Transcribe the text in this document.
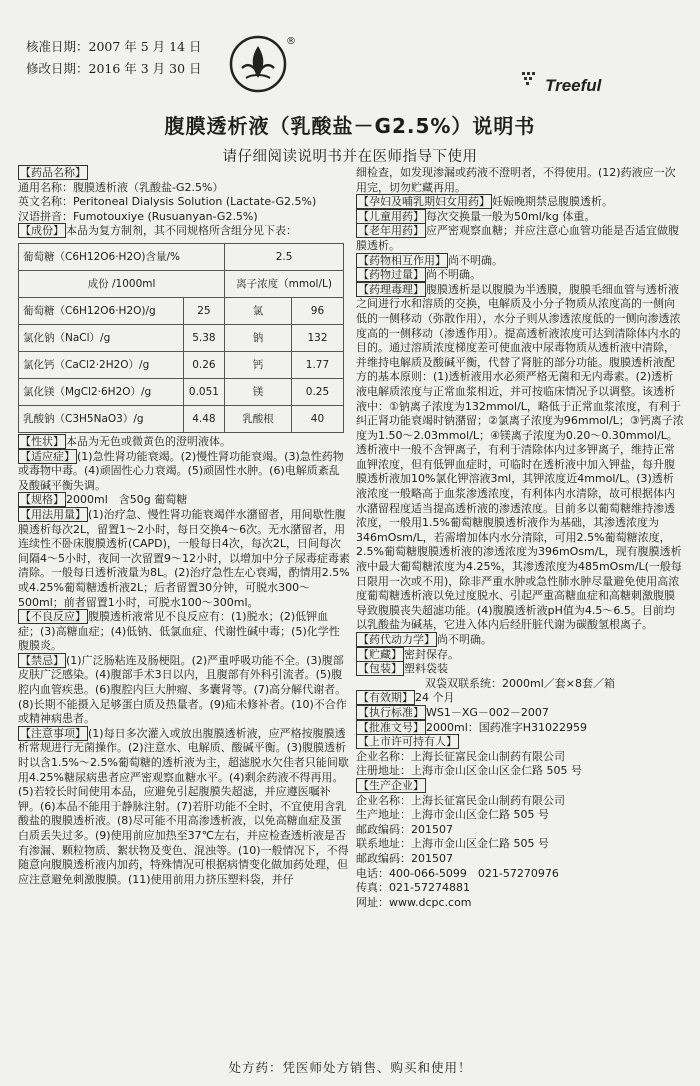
核准日期：2007 年 5 月 14 日
修改日期：2016 年 3 月 30 日
®
Treeful
腹膜透析液（乳酸盐－G2.5%）说明书
请仔细阅读说明书并在医师指导下使用

【药品名称】

通用名称：腹膜透析液（乳酸盐-G2.5%）

英文名称：Peritoneal Dialysis Solution (Lactate-G2.5%)

汉语拼音：Fumotouxiye (Rusuanyan-G2.5%)

【成份】 本品为复方制剂，其不同规格所含组分见下表：

葡萄糖（C6H12O6·H2O)含量/%		2.5	
成份 /1000ml		离子浓度（mmol/L)	
葡萄糖（C6H12O6·H2O)/g	25	氯	96
氯化钠（NaCl）/g	5.38	钠	132
氯化钙（CaCl2·2H2O）/g	0.26	钙	1.77
氯化镁（MgCl2·6H2O）/g	0.051	镁	0.25
乳酸钠（C3H5NaO3）/g	4.48	乳酸根	40

【性状】 本品为无色或微黄色的澄明液体。

【适应症】 (1)急性肾功能衰竭。(2)慢性肾功能衰竭。(3)急性药物或毒物中毒。(4)顽固性心力衰竭。(5)顽固性水肿。(6)电解质紊乱及酸碱平衡失调。

【规格】 2000ml　含50g 葡萄糖

【用法用量】 (1)治疗急、慢性肾功能衰竭伴水潴留者，用间歇性腹膜透析每次2L，留置1～2小时，每日交换4～6次。无水潴留者，用连续性不卧床腹膜透析(CAPD)，一般每日4次，每次2L，日间每次间隔4～5小时，夜间一次留置9～12小时，以增加中分子尿毒症毒素清除。一般每日透析液量为8L。(2)治疗急性左心衰竭，酌情用2.5%或4.25%葡萄糖透析液2L；后者留置30分钟，可脱水300～500ml；前者留置1小时，可脱水100～300ml。

【不良反应】 腹膜透析液常见不良反应有：(1)脱水；(2)低钾血症；(3)高糖血症；(4)低钠、低氯血症、代谢性碱中毒；(5)化学性腹膜炎。

【禁忌】 (1)广泛肠粘连及肠梗阻。(2)严重呼吸功能不全。(3)腹部皮肤广泛感染。(4)腹部手术3日以内，且腹部有外科引流者。(5)腹腔内血管疾患。(6)腹腔内巨大肿瘤、多囊肾等。(7)高分解代谢者。(8)长期不能摄入足够蛋白质及热量者。(9)疝未修补者。(10)不合作或精神病患者。

【注意事项】 (1)每日多次灌入或放出腹膜透析液，应严格按腹膜透析常规进行无菌操作。(2)注意水、电解质、酸碱平衡。(3)腹膜透析时以含1.5%～2.5%葡萄糖的透析液为主，超滤脱水欠佳者只能间歇用4.25%糖尿病患者应严密观察血糖水平。(4)剩余药液不得再用。(5)若较长时间使用本品，应避免引起腹膜失超滤，并应遵医嘱补钾。(6)本品不能用于静脉注射。(7)若肝功能不全时，不宜使用含乳酸盐的腹膜透析液。(8)尽可能不用高渗透析液，以免高糖血症及蛋白质丢失过多。(9)使用前应加热至37℃左右，并应检查透析液是否有渗漏、颗粒物质、絮状物及变色、混浊等。(10)一般情况下，不得随意向腹膜透析液内加药，特殊情况可根据病情变化做加药处理，但应注意避免刺激腹膜。(11)使用前用力挤压塑料袋，并仔

细检查，如发现渗漏或药液不澄明者，不得使用。(12)药液应一次用完，切勿贮藏再用。

【孕妇及哺乳期妇女用药】 妊娠晚期禁忌腹膜透析。

【儿童用药】 每次交换量一般为50ml/kg 体重。

【老年用药】 应严密观察血糖；并应注意心血管功能是否适宜做腹膜透析。

【药物相互作用】 尚不明确。

【药物过量】 尚不明确。

【药理毒理】 腹膜透析是以腹膜为半透膜，腹膜毛细血管与透析液之间进行水和溶质的交换，电解质及小分子物质从浓度高的一侧向低的一侧移动（弥散作用），水分子则从渗透浓度低的一侧向渗透浓度高的一侧移动（渗透作用）。提高透析液浓度可达到清除体内水的目的。通过溶质浓度梯度差可使血液中尿毒物质从透析液中清除，并维持电解质及酸碱平衡，代替了肾脏的部分功能。腹膜透析液配方的基本原则：(1)透析液用水必须严格无菌和无内毒素。(2)透析液电解质浓度与正常血浆相近，并可按临床情况予以调整。该透析液中：①钠离子浓度为132mmol/L，略低于正常血浆浓度，有利于纠正肾功能衰竭时钠潴留；②氯离子浓度为96mmol/L；③钙离子浓度为1.50～2.03mmol/L；④镁离子浓度为0.20～0.30mmol/L。透析液中一般不含钾离子，有利于清除体内过多钾离子，维持正常血钾浓度，但有低钾血症时，可临时在透析液中加入钾盐，每升腹膜透析液加10%氯化钾溶液3ml，其钾浓度近4mmol/L。(3)透析液浓度一般略高于血浆渗透浓度，有利体内水清除，故可根据体内水潴留程度适当提高透析液的渗透浓度。目前多以葡萄糖维持渗透浓度，一般用1.5%葡萄糖腹膜透析液作为基础，其渗透浓度为346mOsm/L，若需增加体内水分清除，可用2.5%葡萄糖浓度，2.5%葡萄糖腹膜透析液的渗透浓度为396mOsm/L，现有腹膜透析液中最大葡萄糖浓度为4.25%，其渗透浓度为485mOsm/L(一般每日限用一次或不用)，除非严重水肿或急性肺水肿尽量避免使用高浓度葡萄糖透析液以免过度脱水、引起严重高糖血症和高糖刺激腹膜导致腹膜丧失超滤功能。(4)腹膜透析液pH值为4.5～6.5。目前均以乳酸盐为碱基，它进入体内后经肝脏代谢为碳酸氢根离子。

【药代动力学】 尚不明确。

【贮藏】 密封保存。

【包装】 塑料袋装

双袋双联系统：2000ml／套×8套／箱

【有效期】 24 个月

【执行标准】 WS1－XG－002－2007

【批准文号】 2000ml：国药准字H31022959

【上市许可持有人】

企业名称：上海长征富民金山制药有限公司

注册地址：上海市金山区金山区金仁路 505 号

【生产企业】

企业名称：上海长征富民金山制药有限公司

生产地址：上海市金山区金仁路 505 号

邮政编码：201507

联系地址：上海市金山区金仁路 505 号

邮政编码：201507

电话：400-066-5099　021-57270976

传真：021-57274881

网址：www.dcpc.com

处方药：凭医师处方销售、购买和使用！
